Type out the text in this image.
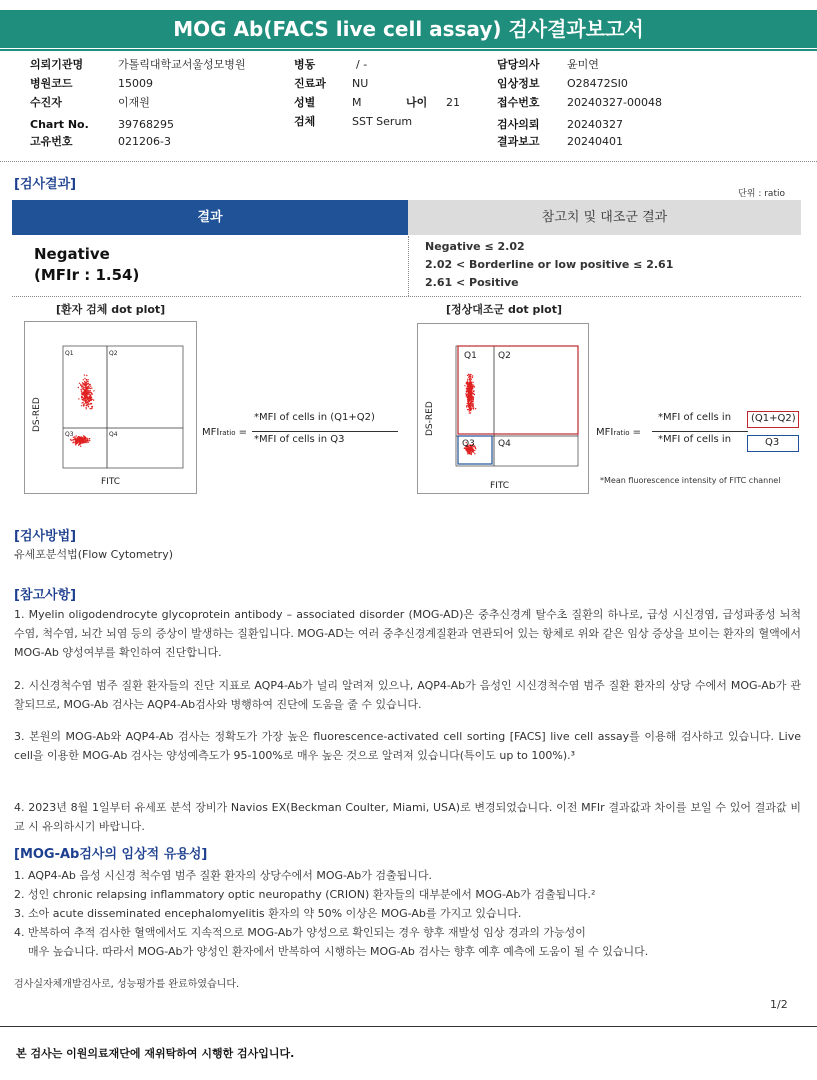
MOG Ab(FACS live cell assay) 검사결과보고서
의뢰기관명	가톨릭대학교서울성모병원
병원코드	15009
수진자	이재원
Chart No.	39768295
고유번호	021206-3
병동	/ -
진료과 NU
성별	M	나이 21
검체	SST Serum
담당의사 윤미연
임상정보 O28472SI0
접수번호 20240327-00048
검사의뢰 20240327
결과보고 20240401
[검사결과]
단위 : ratio
결과	참고치 및 대조군 결과
Negative
(MFIr : 1.54)
Negative ≤ 2.02
2.02 < Borderline or low positive ≤ 2.61
2.61 < Positive
[환자 검체 dot plot]	[정상대조군 dot plot]
Q1	Q2
Q3	Q4
FITC
DS-RED
Q1 Q2
Q3	Q4
FITC
DS-RED
MFIratio =
*MFI of cells in (Q1+Q2)
*MFI of cells in Q3
MFIratio =
*MFI of cells in (Q1+Q2)
*MFI of cells in	Q3
*Mean fluorescence intensity of FITC channel
[검사방법]
유세포분석법(Flow Cytometry)
[참고사항]
1. Myelin oligodendrocyte glycoprotein antibody – associated disorder (MOG-AD)은 중추신경계 탈수초 질환의 하나로, 급성 시신경염, 급성파종성 뇌척수염, 척수염, 뇌간 뇌염 등의 증상이 발생하는 질환입니다. MOG-AD는 여러 중추신경계질환과 연관되어 있는 항체로 위와 같은 임상 증상을 보이는 환자의 혈액에서 MOG-Ab 양성여부를 확인하여 진단합니다.
2. 시신경척수염 범주 질환 환자들의 진단 지표로 AQP4-Ab가 널리 알려져 있으나, AQP4-Ab가 음성인 시신경척수염 범주 질환 환자의 상당 수에서 MOG-Ab가 관찰되므로, MOG-Ab 검사는 AQP4-Ab검사와 병행하여 진단에 도움을 줄 수 있습니다.
3. 본원의 MOG-Ab와 AQP4-Ab 검사는 정확도가 가장 높은 fluorescence-activated cell sorting [FACS] live cell assay를 이용해 검사하고 있습니다. Live cell을 이용한 MOG-Ab 검사는 양성예측도가 95-100%로 매우 높은 것으로 알려져 있습니다(특이도 up to 100%).³
4. 2023년 8월 1일부터 유세포 분석 장비가 Navios EX(Beckman Coulter, Miami, USA)로 변경되었습니다. 이전 MFIr 결과값과 차이를 보일 수 있어 결과값 비교 시 유의하시기 바랍니다.
[MOG-Ab검사의 임상적 유용성]
1. AQP4-Ab 음성 시신경 척수염 범주 질환 환자의 상당수에서 MOG-Ab가 검출됩니다.
2. 성인 chronic relapsing inflammatory optic neuropathy (CRION) 환자들의 대부분에서 MOG-Ab가 검출됩니다.²
3. 소아 acute disseminated encephalomyelitis 환자의 약 50% 이상은 MOG-Ab를 가지고 있습니다.
4. 반복하여 추적 검사한 혈액에서도 지속적으로 MOG-Ab가 양성으로 확인되는 경우 향후 재발성 임상 경과의 가능성이
매우 높습니다. 따라서 MOG-Ab가 양성인 환자에서 반복하여 시행하는 MOG-Ab 검사는 향후 예후 예측에 도움이 될 수 있습니다.
검사실자체개발검사로, 성능평가를 완료하였습니다.
1/2
본 검사는 이원의료재단에 재위탁하여 시행한 검사입니다.
